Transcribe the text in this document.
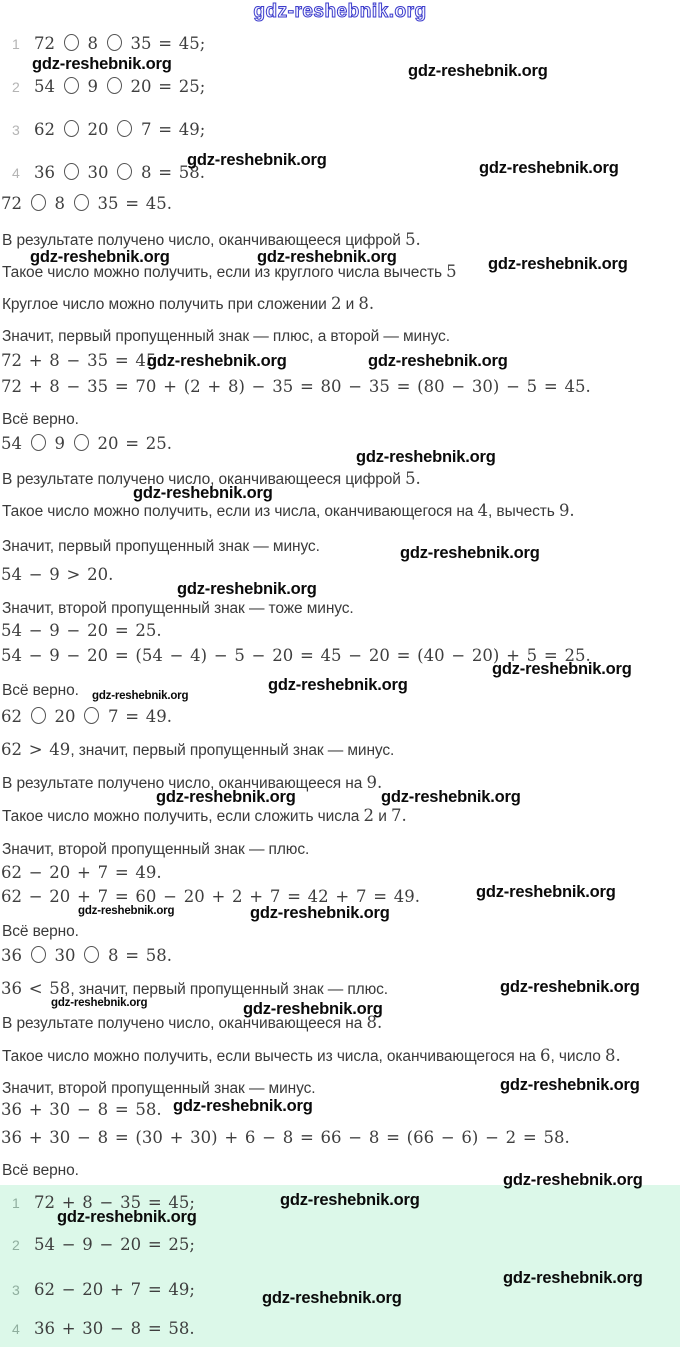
gdz-reshebnik.org
1 72  8  35 = 45;
2 54  9  20 = 25;
3 62  20  7 = 49;
4 36  30  8 = 58.
72  8  35 = 45.
В результате получено число, оканчивающееся цифрой 5.
Такое число можно получить, если из круглого числа вычесть 5
Круглое число можно получить при сложении 2 и 8.
Значит, первый пропущенный знак — плюс, а второй — минус.
72 + 8 − 35 = 45.
72 + 8 − 35 = 70 + (2 + 8) − 35 = 80 − 35 = (80 − 30) − 5 = 45.
Всё верно.
54  9  20 = 25.
В результате получено число, оканчивающееся цифрой 5.
Такое число можно получить, если из числа, оканчивающегося на 4, вычесть 9.
Значит, первый пропущенный знак — минус.
54 − 9 > 20.
Значит, второй пропущенный знак — тоже минус.
54 − 9 − 20 = 25.
54 − 9 − 20 = (54 − 4) − 5 − 20 = 45 − 20 = (40 − 20) + 5 = 25.
Всё верно.
62  20  7 = 49.
62 > 49, значит, первый пропущенный знак — минус.
В результате получено число, оканчивающееся на 9.
Такое число можно получить, если сложить числа 2 и 7.
Значит, второй пропущенный знак — плюс.
62 − 20 + 7 = 49.
62 − 20 + 7 = 60 − 20 + 2 + 7 = 42 + 7 = 49.
Всё верно.
36  30  8 = 58.
36 < 58, значит, первый пропущенный знак — плюс.
В результате получено число, оканчивающееся на 8.
Такое число можно получить, если вычесть из числа, оканчивающегося на 6, число 8.
Значит, второй пропущенный знак — минус.
36 + 30 − 8 = 58.
36 + 30 − 8 = (30 + 30) + 6 − 8 = 66 − 8 = (66 − 6) − 2 = 58.
Всё верно.
1 72 + 8 − 35 = 45;
2 54 − 9 − 20 = 25;
3 62 − 20 + 7 = 49;
4 36 + 30 − 8 = 58.
gdz-reshebnik.org	gdz-reshebnik.org
gdz-reshebnik.org	gdz-reshebnik.org
gdz-reshebnik.org	gdz-reshebnik.org	gdz-reshebnik.org
gdz-reshebnik.org	gdz-reshebnik.org
gdz-reshebnik.org
gdz-reshebnik.org
gdz-reshebnik.org
gdz-reshebnik.org
gdz-reshebnik.org
gdz-reshebnik.org
gdz-reshebnik.org
gdz-reshebnik.org	gdz-reshebnik.org
gdz-reshebnik.org
gdz-reshebnik.org	gdz-reshebnik.org
gdz-reshebnik.org
gdz-reshebnik.org	gdz-reshebnik.org
gdz-reshebnik.org
gdz-reshebnik.org
gdz-reshebnik.org
gdz-reshebnik.org
gdz-reshebnik.org
gdz-reshebnik.org
gdz-reshebnik.org
